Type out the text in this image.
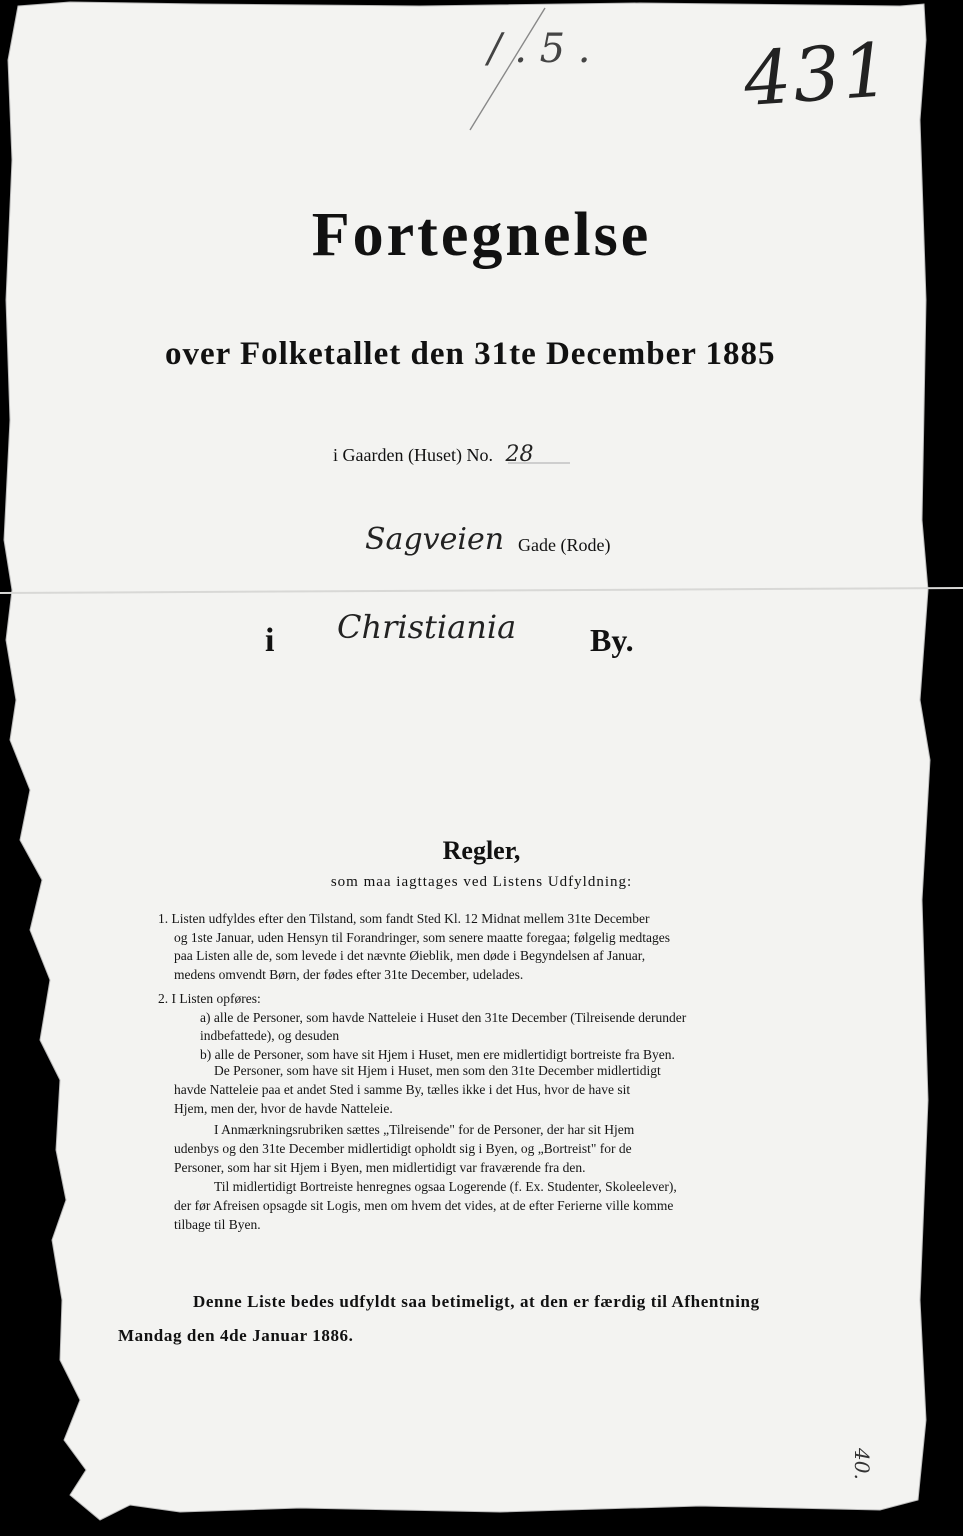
/ . 5 . 431
Fortegnelse
over Folketallet den 31te December 1885
i Gaarden (Huset) No. 28
Sagveien Gade (Rode)
i Christiania By.
Regler,
som maa iagttages ved Listens Udfyldning:
1. Listen udfyldes efter den Tilstand, som fandt Sted Kl. 12 Midnat mellem 31te December
og 1ste Januar, uden Hensyn til Forandringer, som senere maatte foregaa; følgelig medtages
paa Listen alle de, som levede i det nævnte Øieblik, men døde i Begyndelsen af Januar,
medens omvendt Børn, der fødes efter 31te December, udelades.
2. I Listen opføres:
a) alle de Personer, som havde Natteleie i Huset den 31te December (Tilreisende derunder
indbefattede), og desuden
b) alle de Personer, som have sit Hjem i Huset, men ere midlertidigt bortreiste fra Byen.
De Personer, som have sit Hjem i Huset, men som den 31te December midlertidigt
havde Natteleie paa et andet Sted i samme By, tælles ikke i det Hus, hvor de have sit
Hjem, men der, hvor de havde Natteleie.
I Anmærkningsrubriken sættes „Tilreisende" for de Personer, der har sit Hjem
udenbys og den 31te December midlertidigt opholdt sig i Byen, og „Bortreist" for de
Personer, som har sit Hjem i Byen, men midlertidigt var fraværende fra den.
Til midlertidigt Bortreiste henregnes ogsaa Logerende (f. Ex. Studenter, Skoleelever),
der før Afreisen opsagde sit Logis, men om hvem det vides, at de efter Ferierne ville komme
tilbage til Byen.
Denne Liste bedes udfyldt saa betimeligt, at den er færdig til Afhentning
Mandag den 4de Januar 1886.
40.
